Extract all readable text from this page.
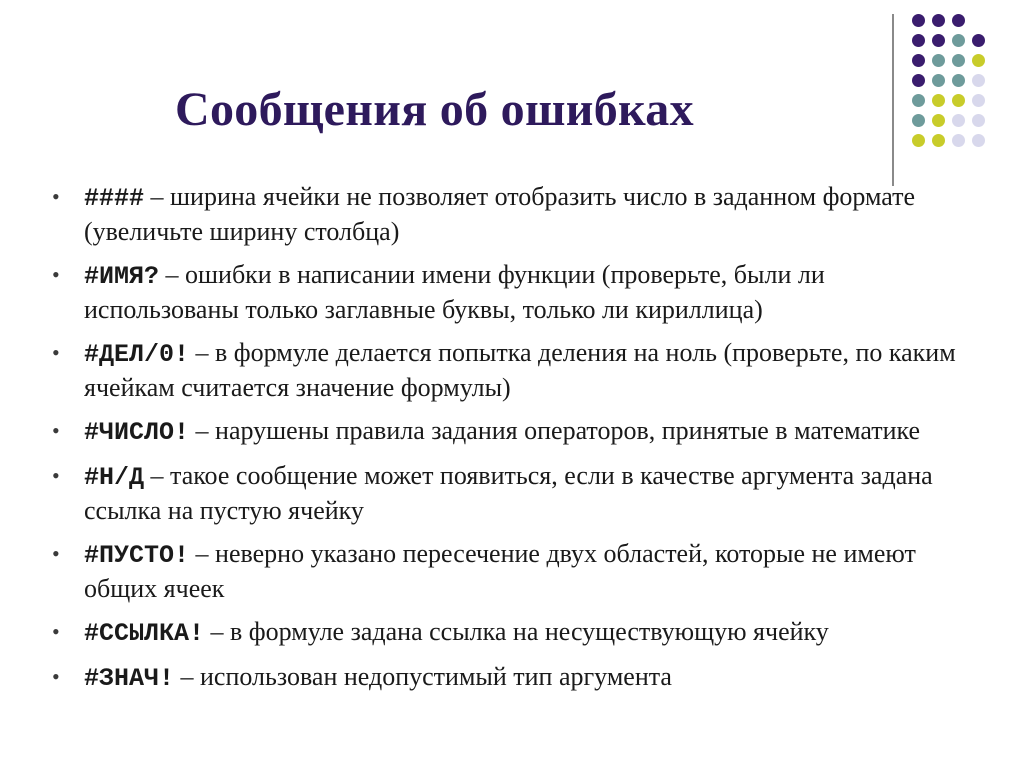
Сообщения об ошибках
• #### – ширина ячейки не позволяет отобразить число в заданном формате (увеличьте ширину столбца)
• #ИМЯ? – ошибки в написании имени функции (проверьте, были ли использованы только заглавные буквы, только ли кириллица)
• #ДЕЛ/0! – в формуле делается попытка деления на ноль (проверьте, по каким ячейкам считается значение формулы)
• #ЧИСЛО! – нарушены правила задания операторов, принятые в математике
• #Н/Д – такое сообщение может появиться, если в качестве аргумента задана ссылка на пустую ячейку
• #ПУСТО! – неверно указано пересечение двух областей, которые не имеют общих ячеек
• #ССЫЛКА! – в формуле задана ссылка на несуществующую ячейку
• #ЗНАЧ! – использован недопустимый тип аргумента
